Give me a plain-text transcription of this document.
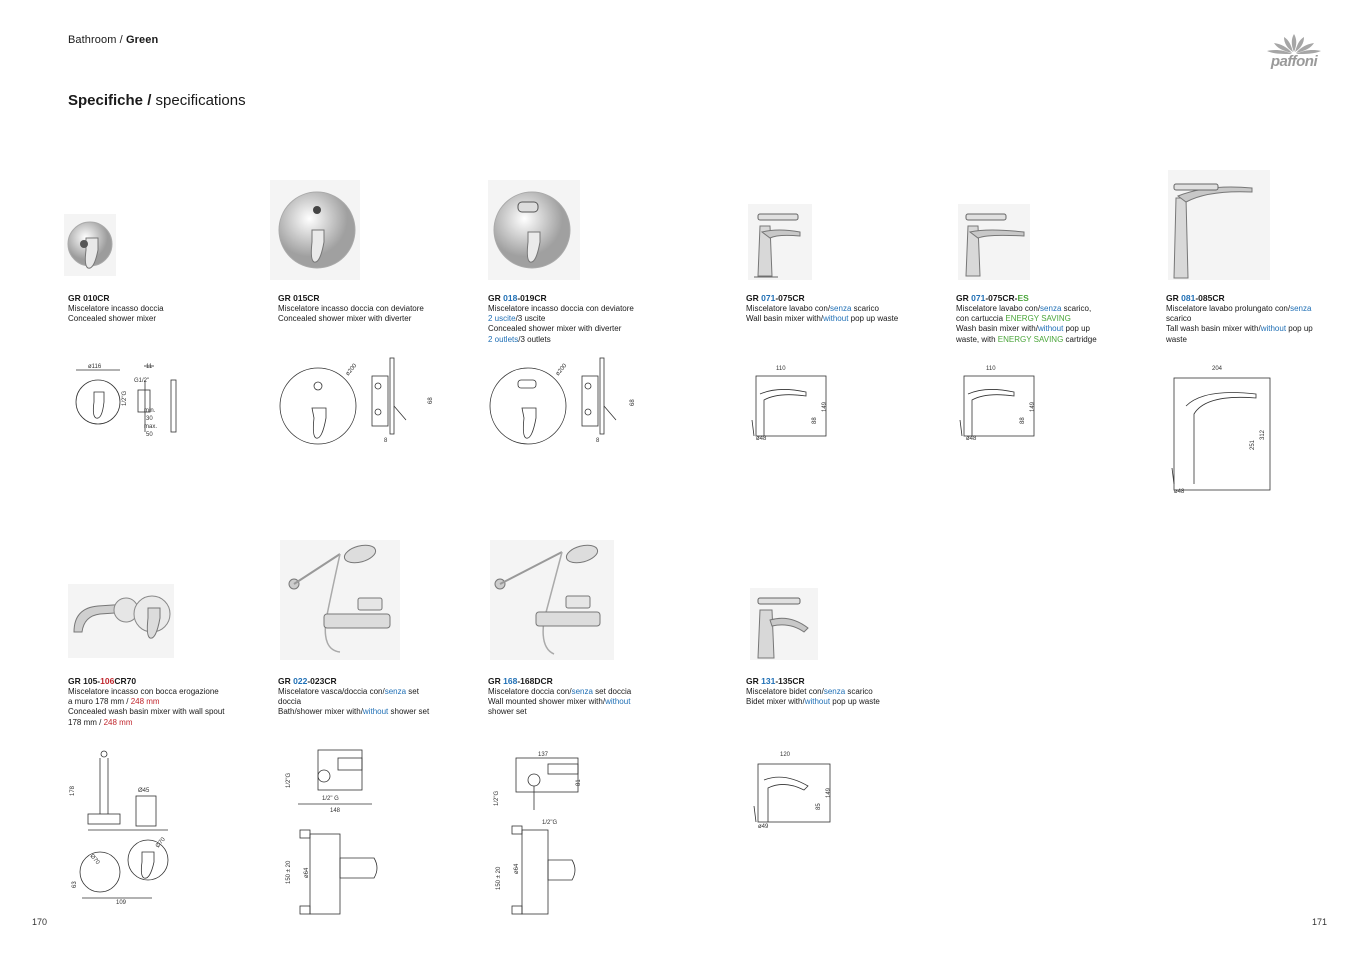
Bathroom / Green
Specifiche / specifications
paffoni
GR 010CR
Miscelatore incasso doccia
Concealed shower mixer
ø116	11
G1/2"
1/2"G
min.
30
max.
50
GR 015CR
Miscelatore incasso doccia con deviatore
Concealed shower mixer with diverter
ø200
68
8
GR 018-019CR
Miscelatore incasso doccia con deviatore
2 uscite/3 uscite
Concealed shower mixer with diverter
2 outlets/3 outlets
ø200
68
8
GR 071-075CR
Miscelatore lavabo con/senza scarico
Wall basin mixer with/without pop up waste
110
149
88
ø48
GR 071-075CR-ES
Miscelatore lavabo con/senza scarico,
con cartuccia ENERGY SAVING
Wash basin mixer with/without pop up
waste, with ENERGY SAVING cartridge
110
149
88
ø48
GR 081-085CR
Miscelatore lavabo prolungato con/senza
scarico
Tall wash basin mixer with/without pop up
waste
204
312
251
ø48
GR 105-106CR70
Miscelatore incasso con bocca erogazione
a muro 178 mm / 248 mm
Concealed wash basin mixer with wall spout
178 mm / 248 mm
178	Ø45
Ø70
Ø70
63
109
GR 022-023CR
Miscelatore vasca/doccia con/senza set
doccia
Bath/shower mixer with/without shower set
1/2"G
1/2" G
148
ø64
150 ± 20
GR 168-168DCR
Miscelatore doccia con/senza set doccia
Wall mounted shower mixer with/without
shower set
137
81
1/2"G
1/2"G
ø64
150 ± 20
GR 131-135CR
Miscelatore bidet con/senza scarico
Bidet mixer with/without pop up waste
120
149
85
ø49
170	171
